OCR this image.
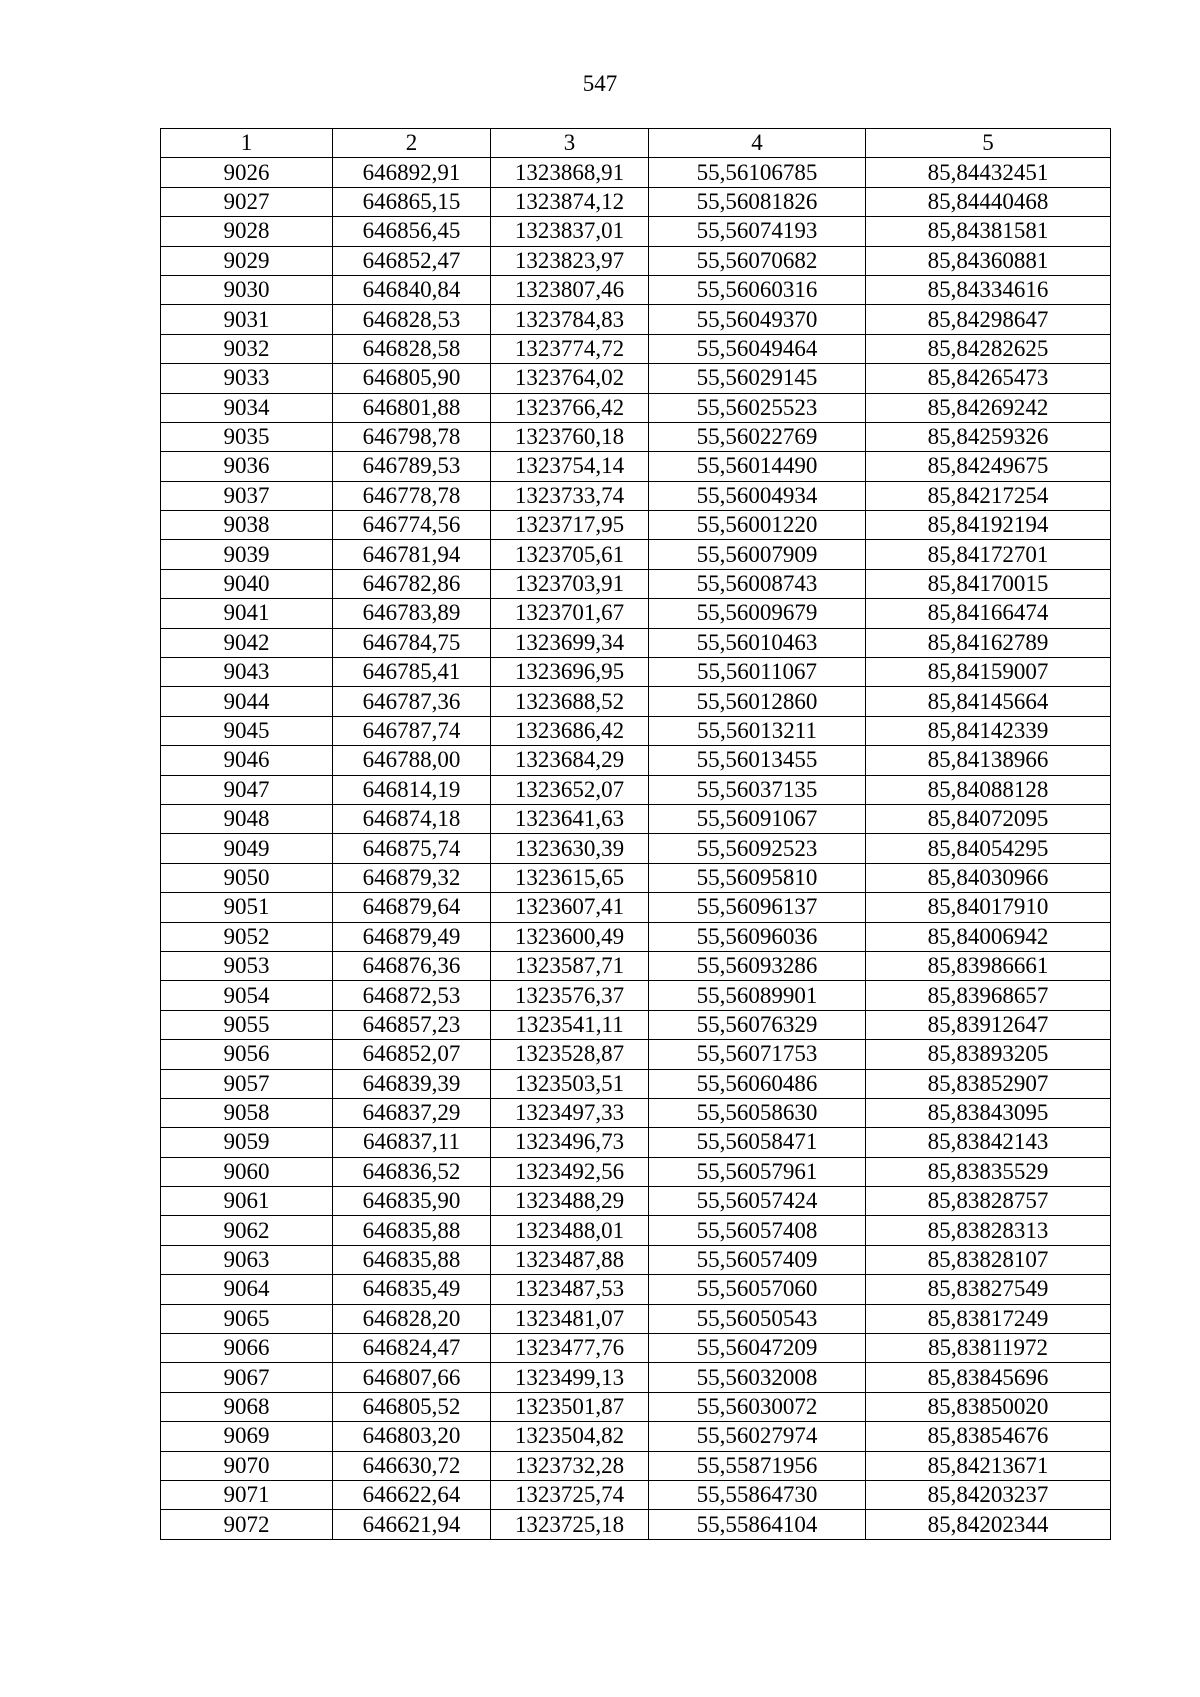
547
1	2	3	4	5
9026	646892,91	1323868,91	55,56106785	85,84432451
9027	646865,15	1323874,12	55,56081826	85,84440468
9028	646856,45	1323837,01	55,56074193	85,84381581
9029	646852,47	1323823,97	55,56070682	85,84360881
9030	646840,84	1323807,46	55,56060316	85,84334616
9031	646828,53	1323784,83	55,56049370	85,84298647
9032	646828,58	1323774,72	55,56049464	85,84282625
9033	646805,90	1323764,02	55,56029145	85,84265473
9034	646801,88	1323766,42	55,56025523	85,84269242
9035	646798,78	1323760,18	55,56022769	85,84259326
9036	646789,53	1323754,14	55,56014490	85,84249675
9037	646778,78	1323733,74	55,56004934	85,84217254
9038	646774,56	1323717,95	55,56001220	85,84192194
9039	646781,94	1323705,61	55,56007909	85,84172701
9040	646782,86	1323703,91	55,56008743	85,84170015
9041	646783,89	1323701,67	55,56009679	85,84166474
9042	646784,75	1323699,34	55,56010463	85,84162789
9043	646785,41	1323696,95	55,56011067	85,84159007
9044	646787,36	1323688,52	55,56012860	85,84145664
9045	646787,74	1323686,42	55,56013211	85,84142339
9046	646788,00	1323684,29	55,56013455	85,84138966
9047	646814,19	1323652,07	55,56037135	85,84088128
9048	646874,18	1323641,63	55,56091067	85,84072095
9049	646875,74	1323630,39	55,56092523	85,84054295
9050	646879,32	1323615,65	55,56095810	85,84030966
9051	646879,64	1323607,41	55,56096137	85,84017910
9052	646879,49	1323600,49	55,56096036	85,84006942
9053	646876,36	1323587,71	55,56093286	85,83986661
9054	646872,53	1323576,37	55,56089901	85,83968657
9055	646857,23	1323541,11	55,56076329	85,83912647
9056	646852,07	1323528,87	55,56071753	85,83893205
9057	646839,39	1323503,51	55,56060486	85,83852907
9058	646837,29	1323497,33	55,56058630	85,83843095
9059	646837,11	1323496,73	55,56058471	85,83842143
9060	646836,52	1323492,56	55,56057961	85,83835529
9061	646835,90	1323488,29	55,56057424	85,83828757
9062	646835,88	1323488,01	55,56057408	85,83828313
9063	646835,88	1323487,88	55,56057409	85,83828107
9064	646835,49	1323487,53	55,56057060	85,83827549
9065	646828,20	1323481,07	55,56050543	85,83817249
9066	646824,47	1323477,76	55,56047209	85,83811972
9067	646807,66	1323499,13	55,56032008	85,83845696
9068	646805,52	1323501,87	55,56030072	85,83850020
9069	646803,20	1323504,82	55,56027974	85,83854676
9070	646630,72	1323732,28	55,55871956	85,84213671
9071	646622,64	1323725,74	55,55864730	85,84203237
9072	646621,94	1323725,18	55,55864104	85,84202344
